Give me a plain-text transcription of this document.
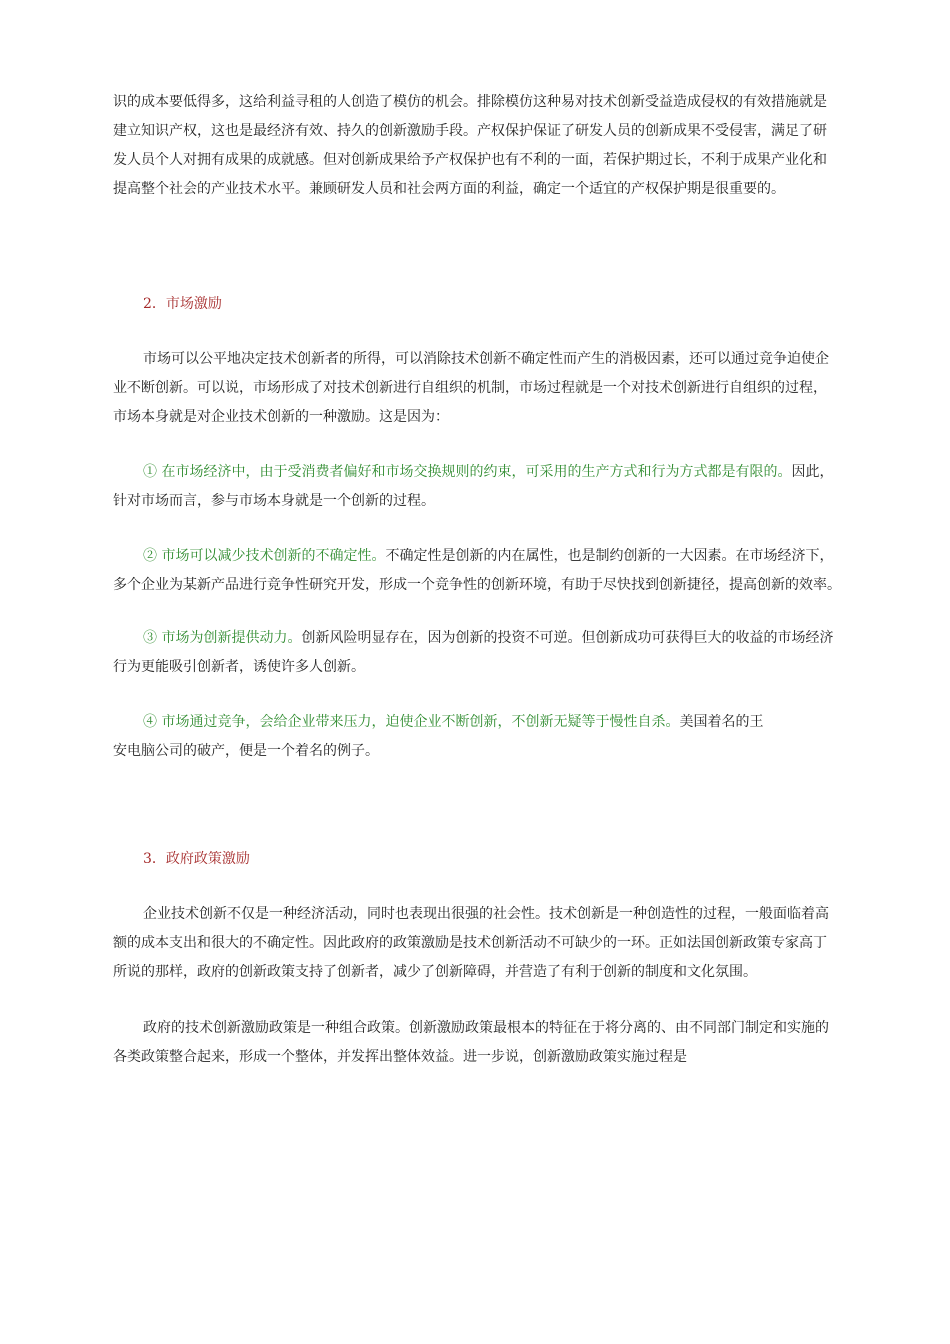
识的成本要低得多，这给利益寻租的人创造了模仿的机会。排除模仿这种易对技术创新受益造成侵权的有效措施就是
建立知识产权，这也是最经济有效、持久的创新激励手段。产权保护保证了研发人员的创新成果不受侵害，满足了研
发人员个人对拥有成果的成就感。但对创新成果给予产权保护也有不利的一面，若保护期过长，不利于成果产业化和
提高整个社会的产业技术水平。兼顾研发人员和社会两方面的利益，确定一个适宜的产权保护期是很重要的。

2．市场激励

市场可以公平地决定技术创新者的所得，可以消除技术创新不确定性而产生的消极因素，还可以通过竞争迫使企
业不断创新。可以说，市场形成了对技术创新进行自组织的机制，市场过程就是一个对技术创新进行自组织的过程，
市场本身就是对企业技术创新的一种激励。这是因为：

① 在市场经济中，由于受消费者偏好和市场交换规则的约束，可采用的生产方式和行为方式都是有限的。因此，
针对市场而言，参与市场本身就是一个创新的过程。

② 市场可以减少技术创新的不确定性。不确定性是创新的内在属性，也是制约创新的一大因素。在市场经济下，
多个企业为某新产品进行竞争性研究开发，形成一个竞争性的创新环境，有助于尽快找到创新捷径，提高创新的效率。

③ 市场为创新提供动力。创新风险明显存在，因为创新的投资不可逆。但创新成功可获得巨大的收益的市场经济
行为更能吸引创新者，诱使许多人创新。

④ 市场通过竞争，会给企业带来压力，迫使企业不断创新，不创新无疑等于慢性自杀。美国着名的王
安电脑公司的破产，便是一个着名的例子。

3．政府政策激励

企业技术创新不仅是一种经济活动，同时也表现出很强的社会性。技术创新是一种创造性的过程，一般面临着高
额的成本支出和很大的不确定性。因此政府的政策激励是技术创新活动不可缺少的一环。正如法国创新政策专家高丁
所说的那样，政府的创新政策支持了创新者，减少了创新障碍，并营造了有利于创新的制度和文化氛围。

政府的技术创新激励政策是一种组合政策。创新激励政策最根本的特征在于将分离的、由不同部门制定和实施的
各类政策整合起来，形成一个整体，并发挥出整体效益。进一步说，创新激励政策实施过程是
